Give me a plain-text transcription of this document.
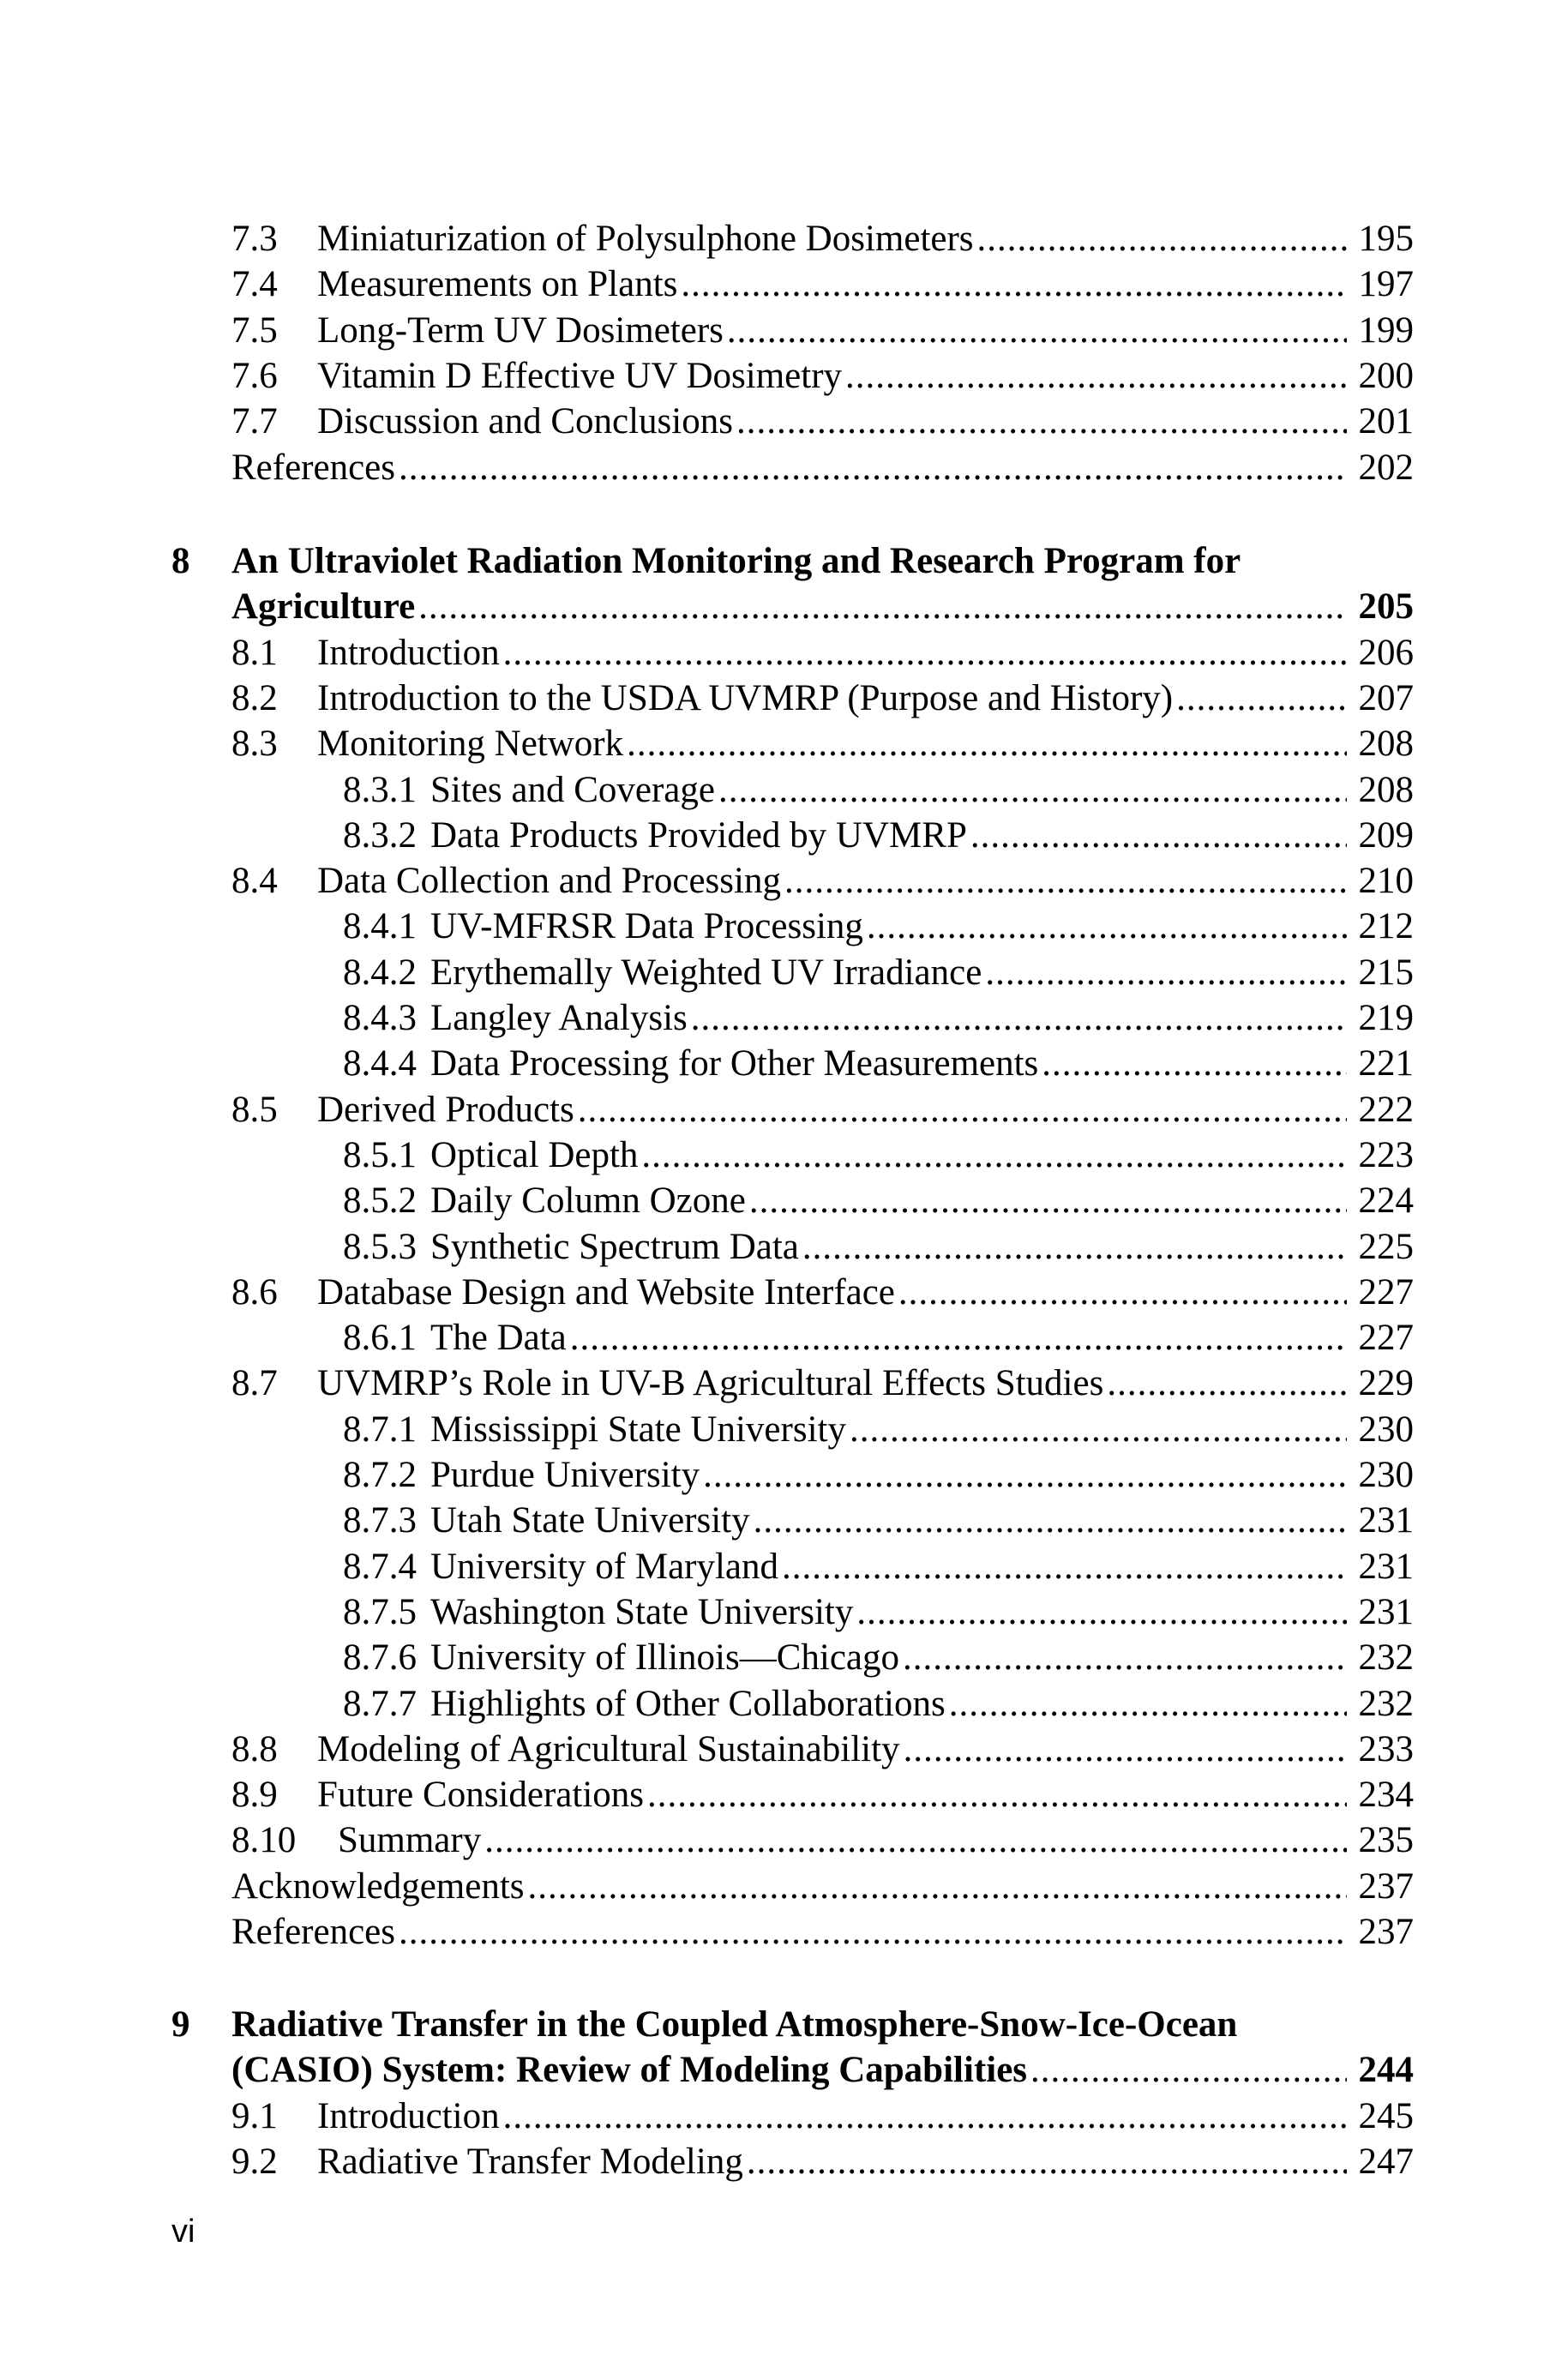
7.3 Miniaturization of Polysulphone Dosimeters .....	195
7.4 Measurements on Plants .....	197
7.5 Long-Term UV Dosimeters .....	199
7.6 Vitamin D Effective UV Dosimetry .....	200
7.7 Discussion and Conclusions .....	201
References .....	202
8 An Ultraviolet Radiation Monitoring and Research Program for
Agriculture .....	205
8.1 Introduction .....	206
8.2 Introduction to the USDA UVMRP (Purpose and History) .....	207
8.3 Monitoring Network .....	208
8.3.1 Sites and Coverage .....	208
8.3.2 Data Products Provided by UVMRP .....	209
8.4 Data Collection and Processing .....	210
8.4.1 UV-MFRSR Data Processing .....	212
8.4.2 Erythemally Weighted UV Irradiance .....	215
8.4.3 Langley Analysis .....	219
8.4.4 Data Processing for Other Measurements .....	221
8.5 Derived Products .....	222
8.5.1 Optical Depth .....	223
8.5.2 Daily Column Ozone .....	224
8.5.3 Synthetic Spectrum Data .....	225
8.6 Database Design and Website Interface .....	227
8.6.1 The Data .....	227
8.7 UVMRP’s Role in UV-B Agricultural Effects Studies .....	229
8.7.1 Mississippi State University .....	230
8.7.2 Purdue University .....	230
8.7.3 Utah State University .....	231
8.7.4 University of Maryland .....	231
8.7.5 Washington State University .....	231
8.7.6 University of Illinois—Chicago .....	232
8.7.7 Highlights of Other Collaborations .....	232
8.8 Modeling of Agricultural Sustainability .....	233
8.9 Future Considerations .....	234
8.10 Summary .....	235
Acknowledgements .....	237
References .....	237
9 Radiative Transfer in the Coupled Atmosphere-Snow-Ice-Ocean
(CASIO) System: Review of Modeling Capabilities .....	244
9.1 Introduction .....	245
9.2 Radiative Transfer Modeling .....	247
vi
